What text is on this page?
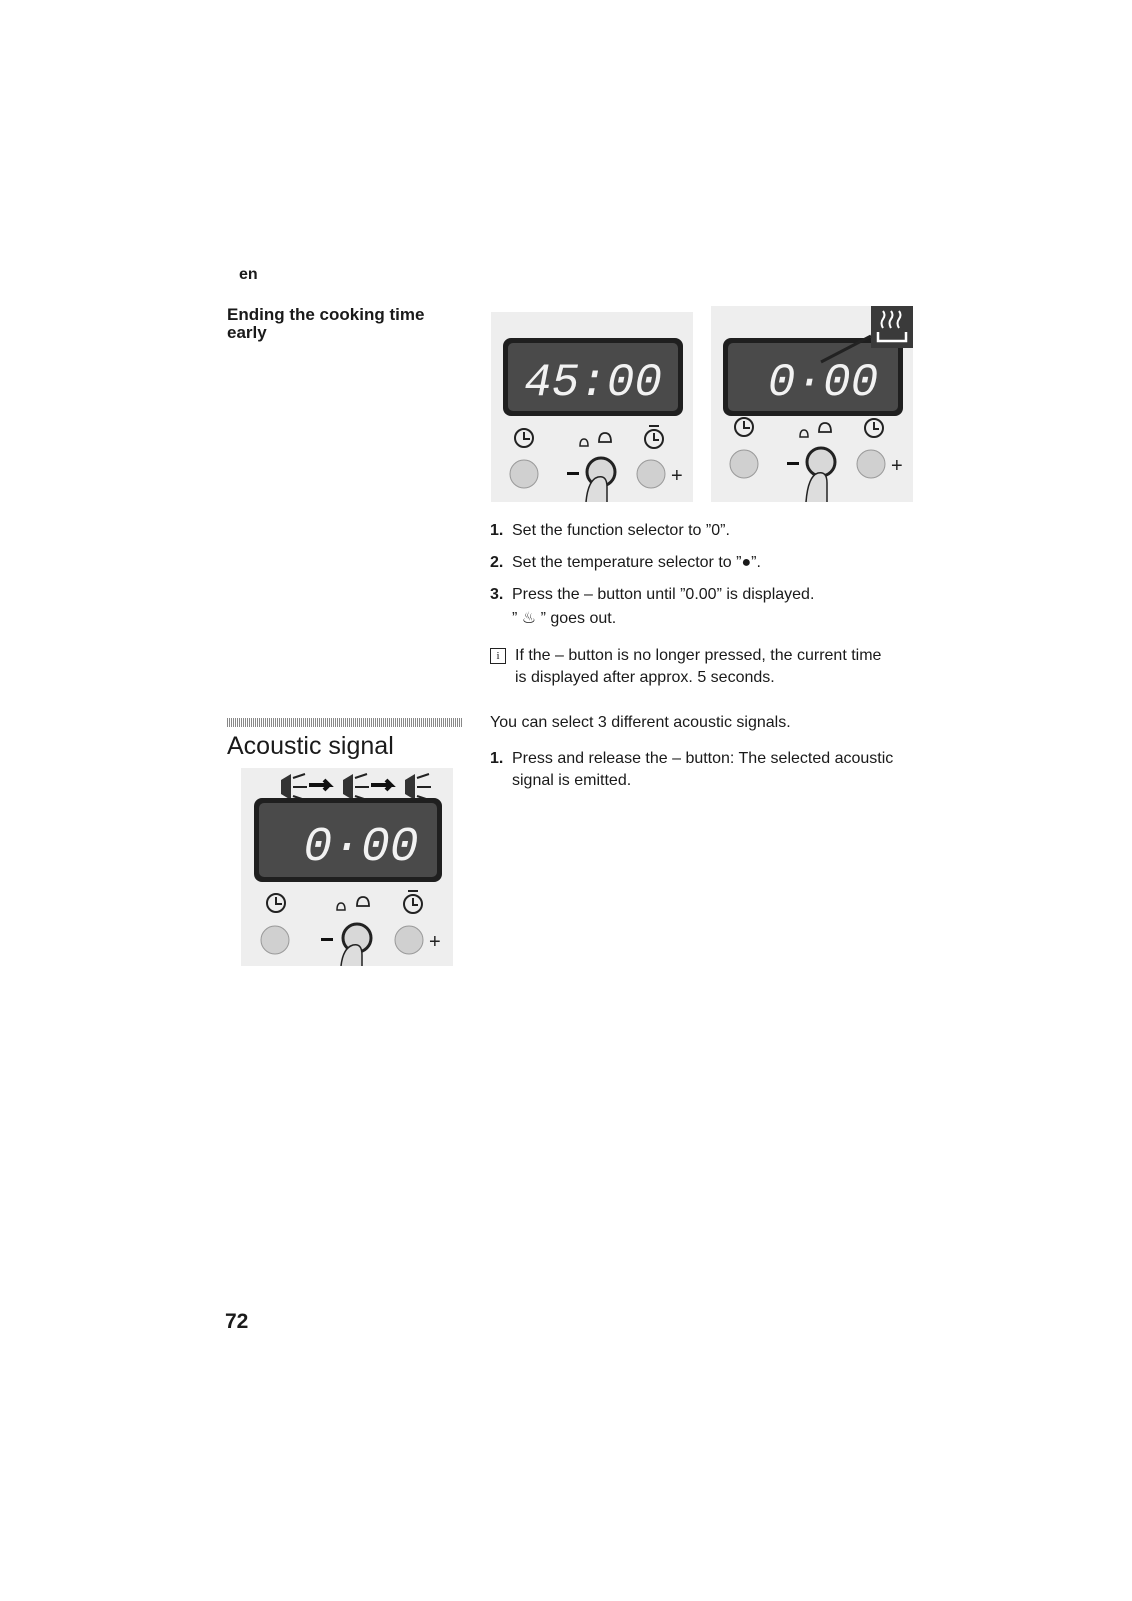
en
Ending the cooking time early
45:00
+
0·00
+
1. Set the function selector to ”0”.
2. Set the temperature selector to ”●”.
3. Press the – button until ”0.00” is displayed.
” ♨ ” goes out.
i If the – button is no longer pressed, the current time is displayed after approx. 5 seconds.
Acoustic signal
0·00
+
You can select 3 different acoustic signals.
1. Press and release the – button: The selected acoustic signal is emitted.
72
